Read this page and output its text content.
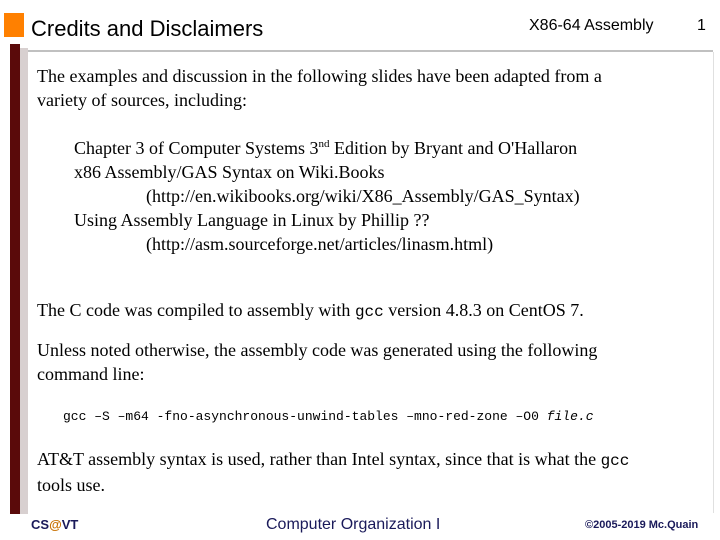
Credits and Disclaimers	X86-64 Assembly	1
The examples and discussion in the following slides have been adapted from a
variety of sources, including:
Chapter 3 of Computer Systems 3nd Edition by Bryant and O'Hallaron
x86 Assembly/GAS Syntax on Wiki.Books
(http://en.wikibooks.org/wiki/X86_Assembly/GAS_Syntax)
Using Assembly Language in Linux by Phillip ??
(http://asm.sourceforge.net/articles/linasm.html)
The C code was compiled to assembly with gcc version 4.8.3 on CentOS 7.
Unless noted otherwise, the assembly code was generated using the following
command line:
gcc –S –m64 -fno-asynchronous-unwind-tables –mno-red-zone –O0 file.c
AT&T assembly syntax is used, rather than Intel syntax, since that is what the gcc
tools use.
CS@VT	Computer Organization I	©2005-2019 Mc.Quain
